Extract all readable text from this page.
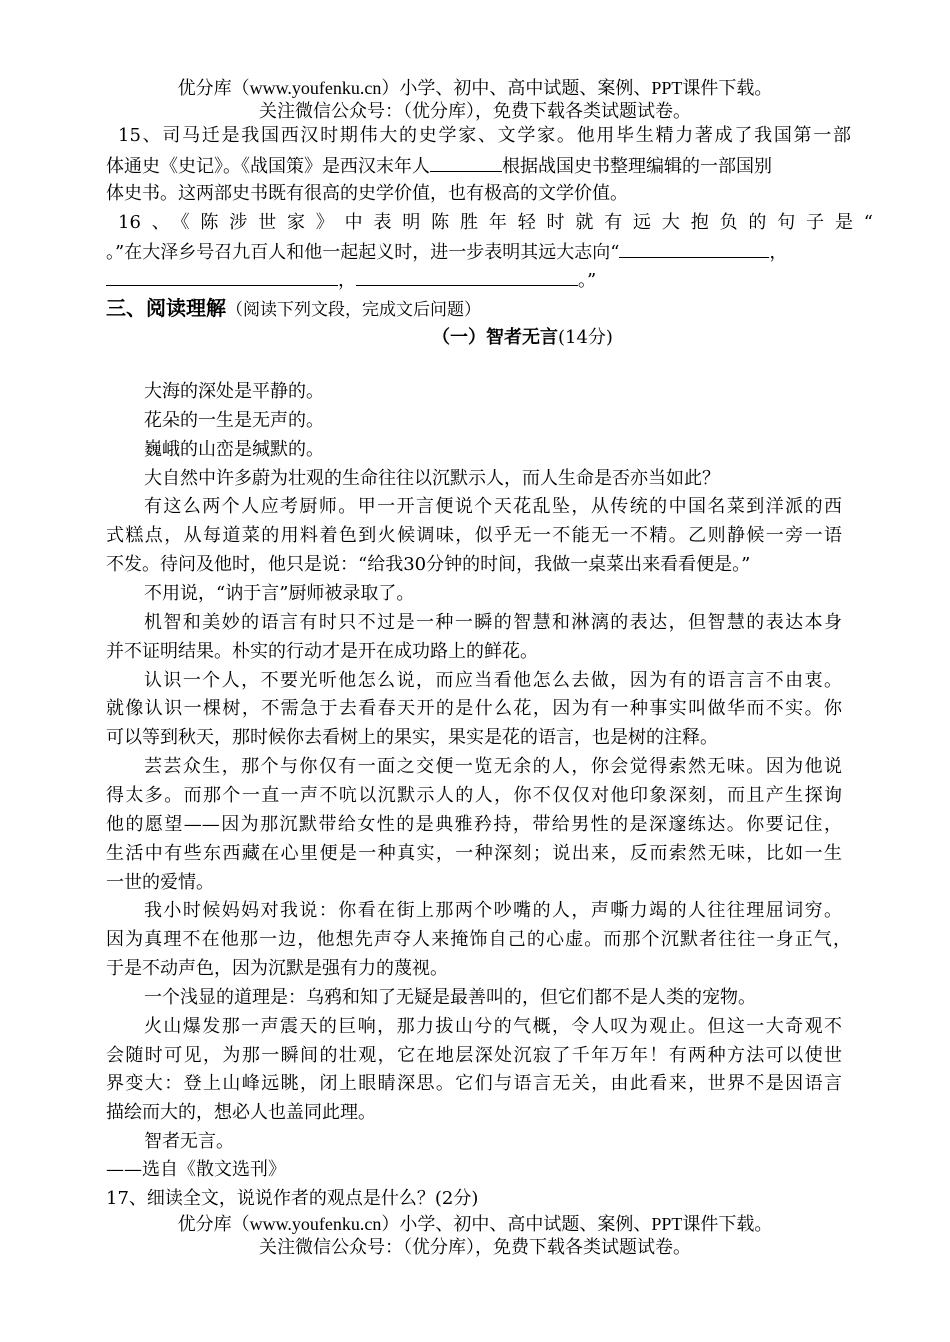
优分库（www.youfenku.cn）小学、初中、高中试题、案例、PPT课件下载。
关注微信公众号：（优分库），免费下载各类试题试卷。
15、司马迁是我国西汉时期伟大的史学家、文学家。他用毕生精力著成了我国第一部
体通史《史记》。《战国策》是西汉末年人	根据战国史书整理编辑的一部国别
体史书。这两部史书既有很高的史学价值，也有极高的文学价值。
16、《陈涉世家》中表明陈胜年轻时就有远大抱负的句子是“
。”在大泽乡号召九百人和他一起起义时，进一步表明其远大志向“	，
，	。”
三、阅读理解（阅读下列文段，完成文后问题）
（一）智者无言(14分)
大海的深处是平静的。
花朵的一生是无声的。
巍峨的山峦是缄默的。
大自然中许多蔚为壮观的生命往往以沉默示人，而人生命是否亦当如此？
有这么两个人应考厨师。甲一开言便说个天花乱坠，从传统的中国名菜到洋派的西
式糕点，从每道菜的用料着色到火候调味，似乎无一不能无一不精。乙则静候一旁一语
不发。待问及他时，他只是说：“给我30分钟的时间，我做一桌菜出来看看便是。”
不用说，“讷于言”厨师被录取了。
机智和美妙的语言有时只不过是一种一瞬的智慧和淋漓的表达，但智慧的表达本身
并不证明结果。朴实的行动才是开在成功路上的鲜花。
认识一个人，不要光听他怎么说，而应当看他怎么去做，因为有的语言言不由衷。
就像认识一棵树，不需急于去看春天开的是什么花，因为有一种事实叫做华而不实。你
可以等到秋天，那时候你去看树上的果实，果实是花的语言，也是树的注释。
芸芸众生，那个与你仅有一面之交便一览无余的人，你会觉得索然无味。因为他说
得太多。而那个一直一声不吭以沉默示人的人，你不仅仅对他印象深刻，而且产生探询
他的愿望——因为那沉默带给女性的是典雅矜持，带给男性的是深邃练达。你要记住，
生活中有些东西藏在心里便是一种真实，一种深刻；说出来，反而索然无味，比如一生
一世的爱情。
我小时候妈妈对我说：你看在街上那两个吵嘴的人，声嘶力竭的人往往理屈词穷。
因为真理不在他那一边，他想先声夺人来掩饰自己的心虚。而那个沉默者往往一身正气，
于是不动声色，因为沉默是强有力的蔑视。
一个浅显的道理是：乌鸦和知了无疑是最善叫的，但它们都不是人类的宠物。
火山爆发那一声震天的巨响，那力拔山兮的气概，令人叹为观止。但这一大奇观不
会随时可见，为那一瞬间的壮观，它在地层深处沉寂了千年万年！有两种方法可以使世
界变大：登上山峰远眺，闭上眼睛深思。它们与语言无关，由此看来，世界不是因语言
描绘而大的，想必人也盖同此理。
智者无言。
——选自《散文选刊》
17、细读全文，说说作者的观点是什么？(2分)
优分库（www.youfenku.cn）小学、初中、高中试题、案例、PPT课件下载。
关注微信公众号：（优分库），免费下载各类试题试卷。
